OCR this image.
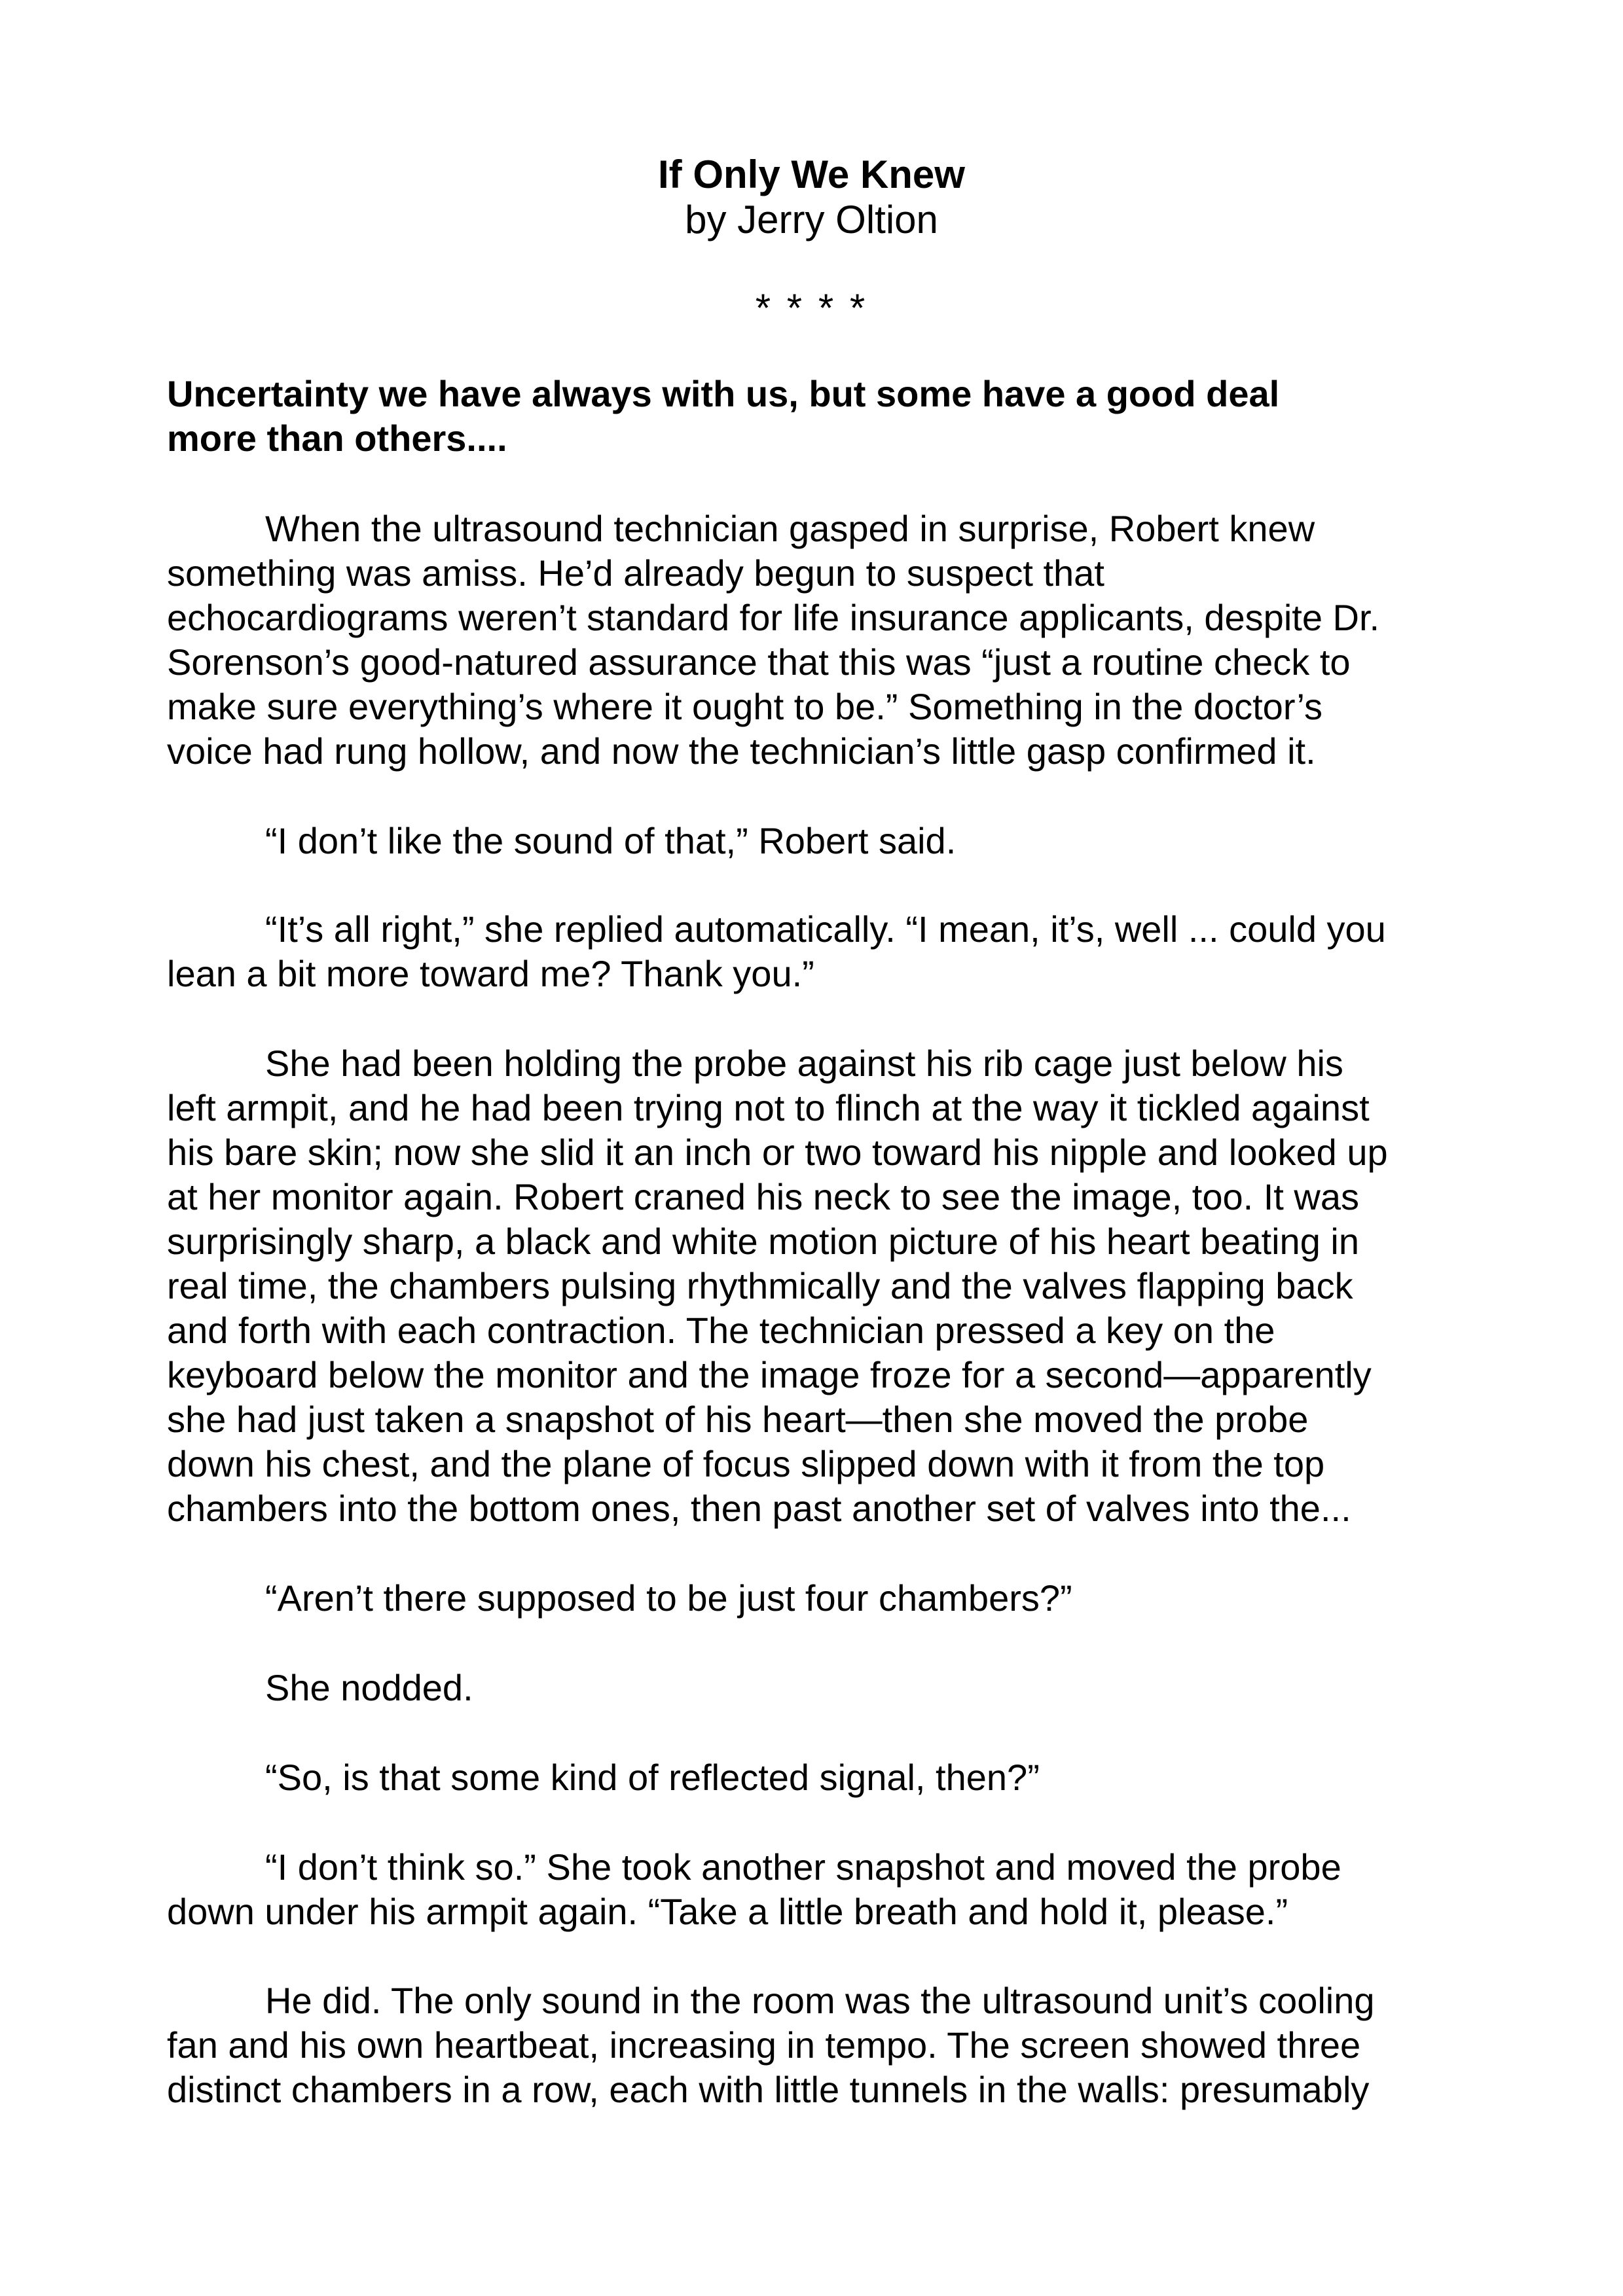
If Only We Knew
by Jerry Oltion
* * * *
Uncertainty we have always with us, but some have a good deal
more than others....
When the ultrasound technician gasped in surprise, Robert knew
something was amiss. He’d already begun to suspect that
echocardiograms weren’t standard for life insurance applicants, despite Dr.
Sorenson’s good-natured assurance that this was “just a routine check to
make sure everything’s where it ought to be.” Something in the doctor’s
voice had rung hollow, and now the technician’s little gasp confirmed it.
“I don’t like the sound of that,” Robert said.
“It’s all right,” she replied automatically. “I mean, it’s, well ... could you
lean a bit more toward me? Thank you.”
She had been holding the probe against his rib cage just below his
left armpit, and he had been trying not to flinch at the way it tickled against
his bare skin; now she slid it an inch or two toward his nipple and looked up
at her monitor again. Robert craned his neck to see the image, too. It was
surprisingly sharp, a black and white motion picture of his heart beating in
real time, the chambers pulsing rhythmically and the valves flapping back
and forth with each contraction. The technician pressed a key on the
keyboard below the monitor and the image froze for a second—apparently
she had just taken a snapshot of his heart—then she moved the probe
down his chest, and the plane of focus slipped down with it from the top
chambers into the bottom ones, then past another set of valves into the...
“Aren’t there supposed to be just four chambers?”
She nodded.
“So, is that some kind of reflected signal, then?”
“I don’t think so.” She took another snapshot and moved the probe
down under his armpit again. “Take a little breath and hold it, please.”
He did. The only sound in the room was the ultrasound unit’s cooling
fan and his own heartbeat, increasing in tempo. The screen showed three
distinct chambers in a row, each with little tunnels in the walls: presumably
